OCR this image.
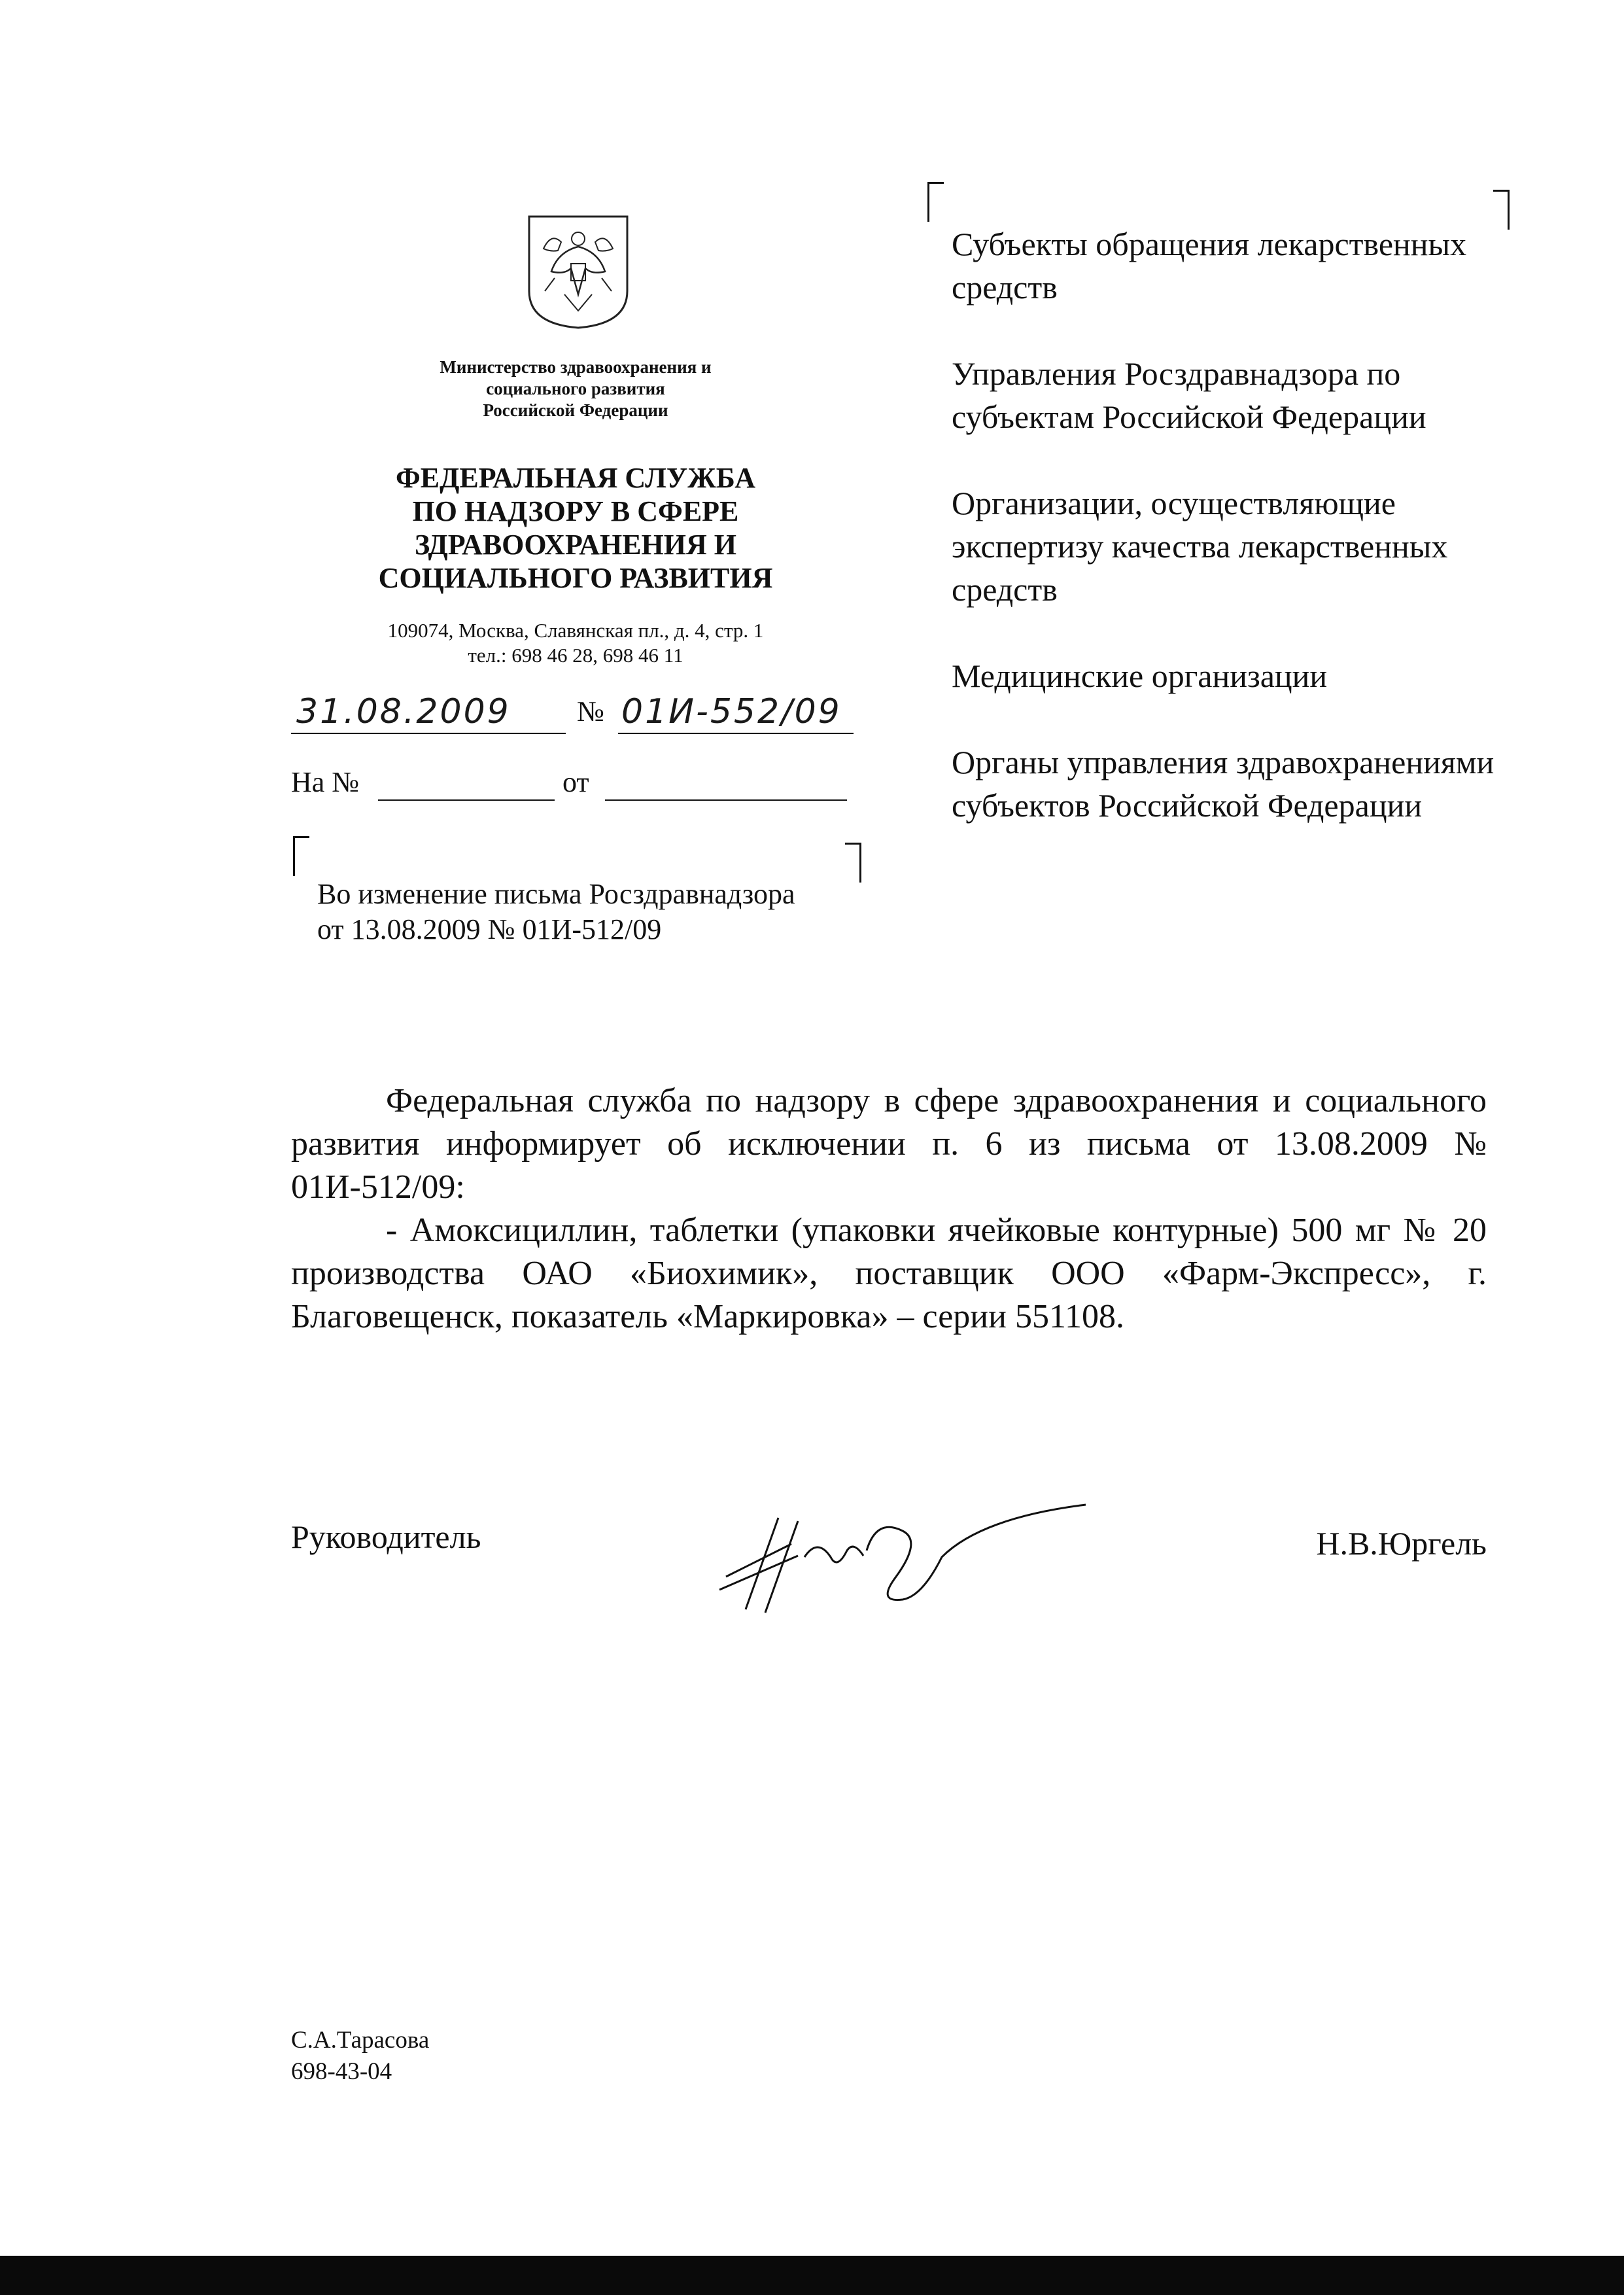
Министерство здравоохранения и
социального развития
Российской Федерации
ФЕДЕРАЛЬНАЯ СЛУЖБА
ПО НАДЗОРУ В СФЕРЕ
ЗДРАВООХРАНЕНИЯ И
СОЦИАЛЬНОГО РАЗВИТИЯ
109074, Москва, Славянская пл., д. 4, стр. 1
тел.: 698 46 28, 698 46 11
31.08.2009 № 01И-552/09
На №	от
Во изменение письма Росздравнадзора
от 13.08.2009 № 01И-512/09
Субъекты обращения лекарственных средств
Управления Росздравнадзора по субъектам Российской Федерации
Организации, осуществляющие экспертизу качества лекарственных средств
Медицинские организации
Органы управления здравохранениями субъектов Российской Федерации

Федеральная служба по надзору в сфере здравоохранения и социального развития информирует об исключении п. 6 из письма от 13.08.2009 № 01И-512/09:

- Амоксициллин, таблетки (упаковки ячейковые контурные) 500 мг № 20 производства ОАО «Биохимик», поставщик ООО «Фарм-Экспресс», г. Благовещенск, показатель «Маркировка» – серии 551108.

Руководитель	Н.В.Юргель
С.А.Тарасова
698-43-04
